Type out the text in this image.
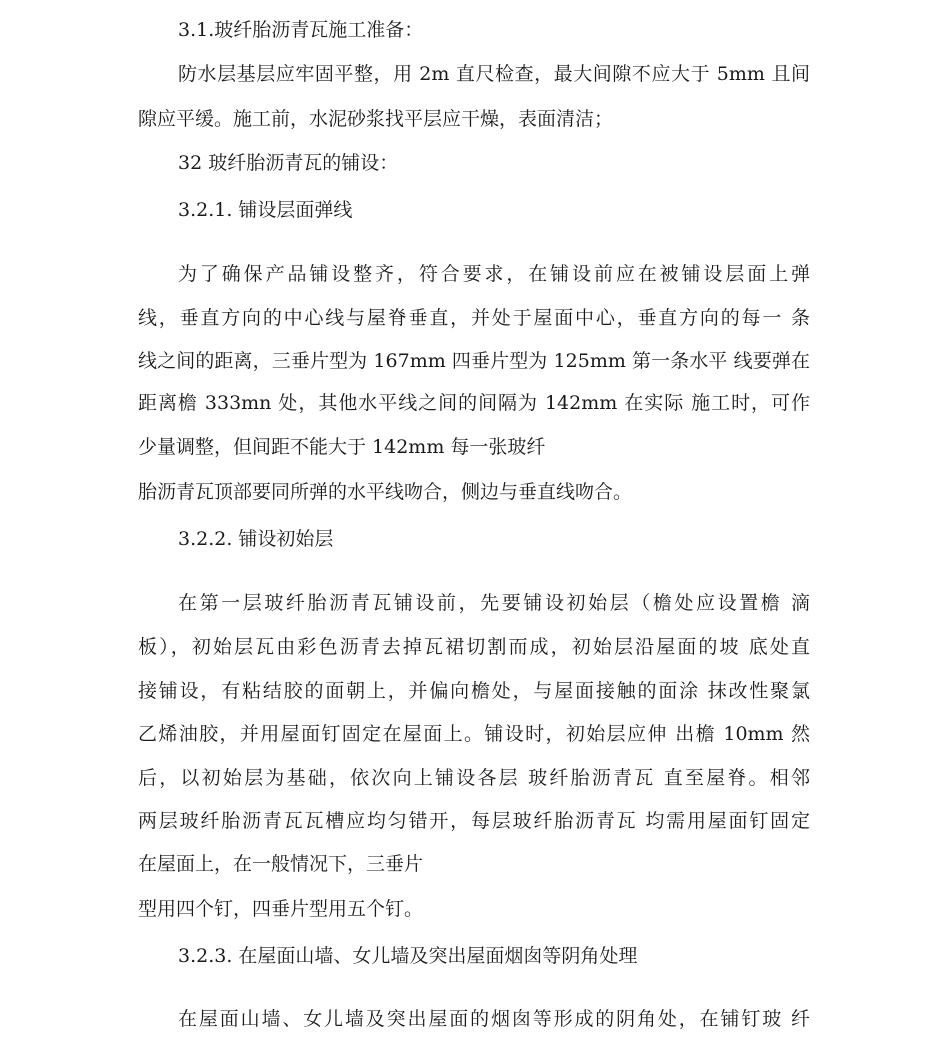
3.1.玻纤胎沥青瓦施工准备：
防水层基层应牢固平整，用 2m 直尺检查，最大间隙不应大于 5mm 且间
隙应平缓。施工前，水泥砂浆找平层应干燥，表面清洁；
32 玻纤胎沥青瓦的铺设：
3.2.1. 铺设层面弹线
为了确保产品铺设整齐，符合要求，在铺设前应在被铺设层面上弹
线，垂直方向的中心线与屋脊垂直，并处于屋面中心，垂直方向的每一 条
线之间的距离，三垂片型为 167mm 四垂片型为 125mm 第一条水平 线要弹在
距离檐 333mn 处，其他水平线之间的间隔为 142mm 在实际 施工时，可作
少量调整，但间距不能大于 142mm 每一张玻纤
胎沥青瓦顶部要同所弹的水平线吻合，侧边与垂直线吻合。
3.2.2. 铺设初始层
在第一层玻纤胎沥青瓦铺设前，先要铺设初始层（檐处应设置檐 滴
板），初始层瓦由彩色沥青去掉瓦裙切割而成，初始层沿屋面的坡 底处直
接铺设，有粘结胶的面朝上，并偏向檐处，与屋面接触的面涂 抹改性聚氯
乙烯油胶，并用屋面钉固定在屋面上。铺设时，初始层应伸 出檐 10mm 然
后，以初始层为基础，依次向上铺设各层 玻纤胎沥青瓦 直至屋脊。相邻
两层玻纤胎沥青瓦瓦槽应均匀错开，每层玻纤胎沥青瓦 均需用屋面钉固定
在屋面上，在一般情况下，三垂片
型用四个钉，四垂片型用五个钉。
3.2.3. 在屋面山墙、女儿墙及突出屋面烟囱等阴角处理
在屋面山墙、女儿墙及突出屋面的烟囱等形成的阴角处，在铺钉玻 纤
